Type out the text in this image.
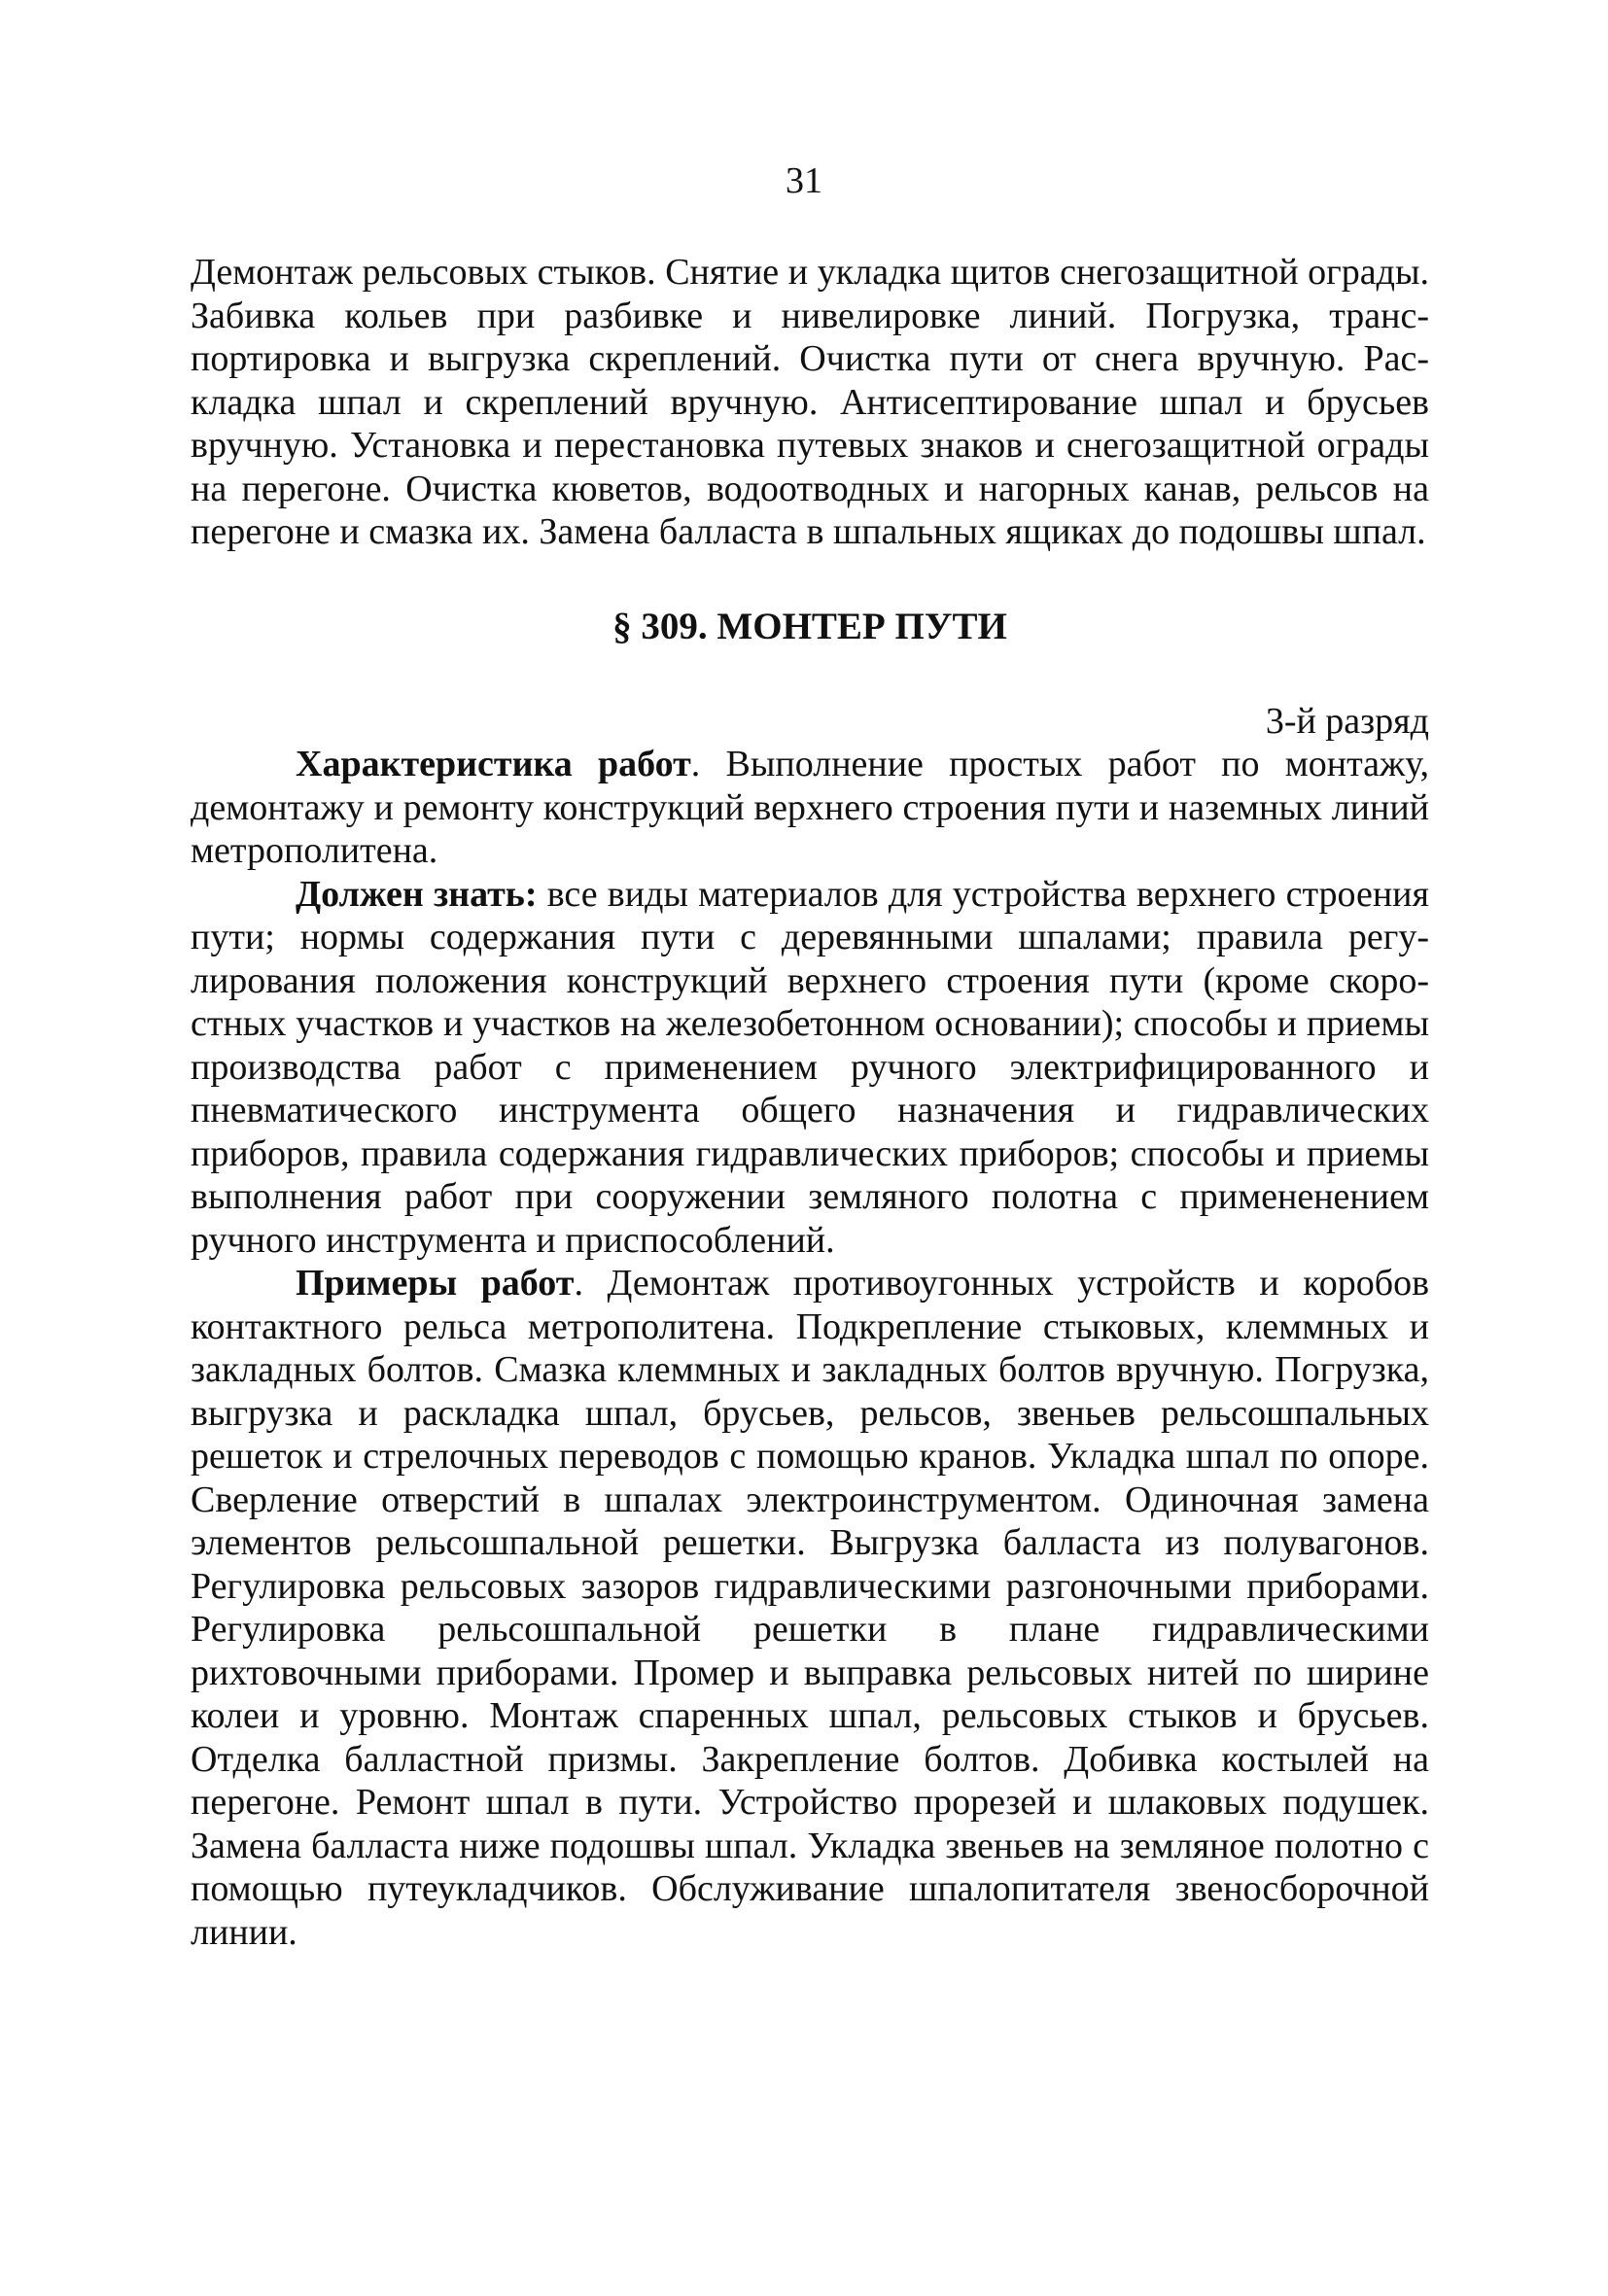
31

Демонтаж рельсовых стыков. Снятие и укладка щитов снегозащитной ограды. Забивка кольев при разбивке и нивелировке линий. Погрузка, транспортировка и выгрузка скреплений. Очистка пути от снега вручную. Раскладка шпал и скреплений вручную. Антисептирование шпал и брусьев вручную. Установка и перестановка путевых знаков и снегозащитной ограды на перегоне. Очистка кюветов, водоотводных и нагорных канав, рельсов на перегоне и смазка их. Замена балласта в шпальных ящиках до подошвы шпал.

§ 309. МОНТЕР ПУТИ
3-й разряд

Характеристика работ. Выполнение простых работ по монтажу, демонтажу и ремонту конструкций верхнего строения пути и наземных линий метрополитена.

Должен знать: все виды материалов для устройства верхнего строения пути; нормы содержания пути с деревянными шпалами; правила регулирования положения конструкций верхнего строения пути (кроме скоростных участков и участков на железобетонном основании); способы и приемы производства работ с применением ручного электрифицированного и пневматического инструмента общего назначения и гидравлических приборов, правила содержания гидравлических приборов; способы и приемы выполнения работ при сооружении земляного полотна с примененением ручного инструмента и приспособлений.

Примеры работ. Демонтаж противоугонных устройств и коробов контактного рельса метрополитена. Подкрепление стыковых, клеммных и закладных болтов. Смазка клеммных и закладных болтов вручную. Погрузка, выгрузка и раскладка шпал, брусьев, рельсов, звеньев рельсошпальных решеток и стрелочных переводов с помощью кранов. Укладка шпал по опоре. Сверление отверстий в шпалах электроинструментом. Одиночная замена элементов рельсошпальной решетки. Выгрузка балласта из полувагонов. Регулировка рельсовых зазоров гидравлическими разгоночными приборами. Регулировка рельсошпальной решетки в плане гидравлическими рихтовочными приборами. Промер и выправка рельсовых нитей по ширине колеи и уровню. Монтаж спаренных шпал, рельсовых стыков и брусьев. Отделка балластной призмы. Закрепление болтов. Добивка костылей на перегоне. Ремонт шпал в пути. Устройство прорезей и шлаковых подушек. Замена балласта ниже подошвы шпал. Укладка звеньев на земляное полотно с помощью путеукладчиков. Обслуживание шпалопитателя звеносборочной линии.
